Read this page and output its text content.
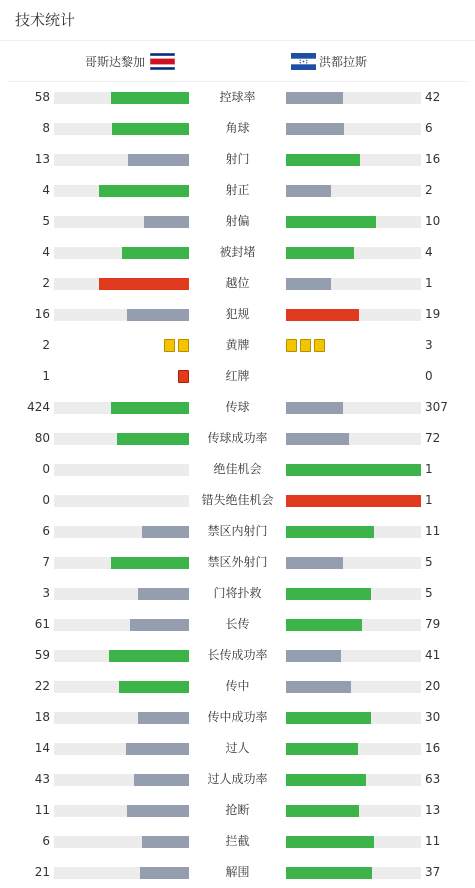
技术统计
哥斯达黎加	洪都拉斯
58	控球率	42
8	角球	6
13	射门	16
4	射正	2
5	射偏	10
4	被封堵	4
2	越位	1
16	犯规	19
2	黄牌	3
1	红牌	0
424	传球	307
80	传球成功率	72
0	绝佳机会	1
0	错失绝佳机会	1
6	禁区内射门	11
7	禁区外射门	5
3	门将扑救	5
61	长传	79
59	长传成功率	41
22	传中	20
18	传中成功率	30
14	过人	16
43	过人成功率	63
11	抢断	13
6	拦截	11
21	解围	37
